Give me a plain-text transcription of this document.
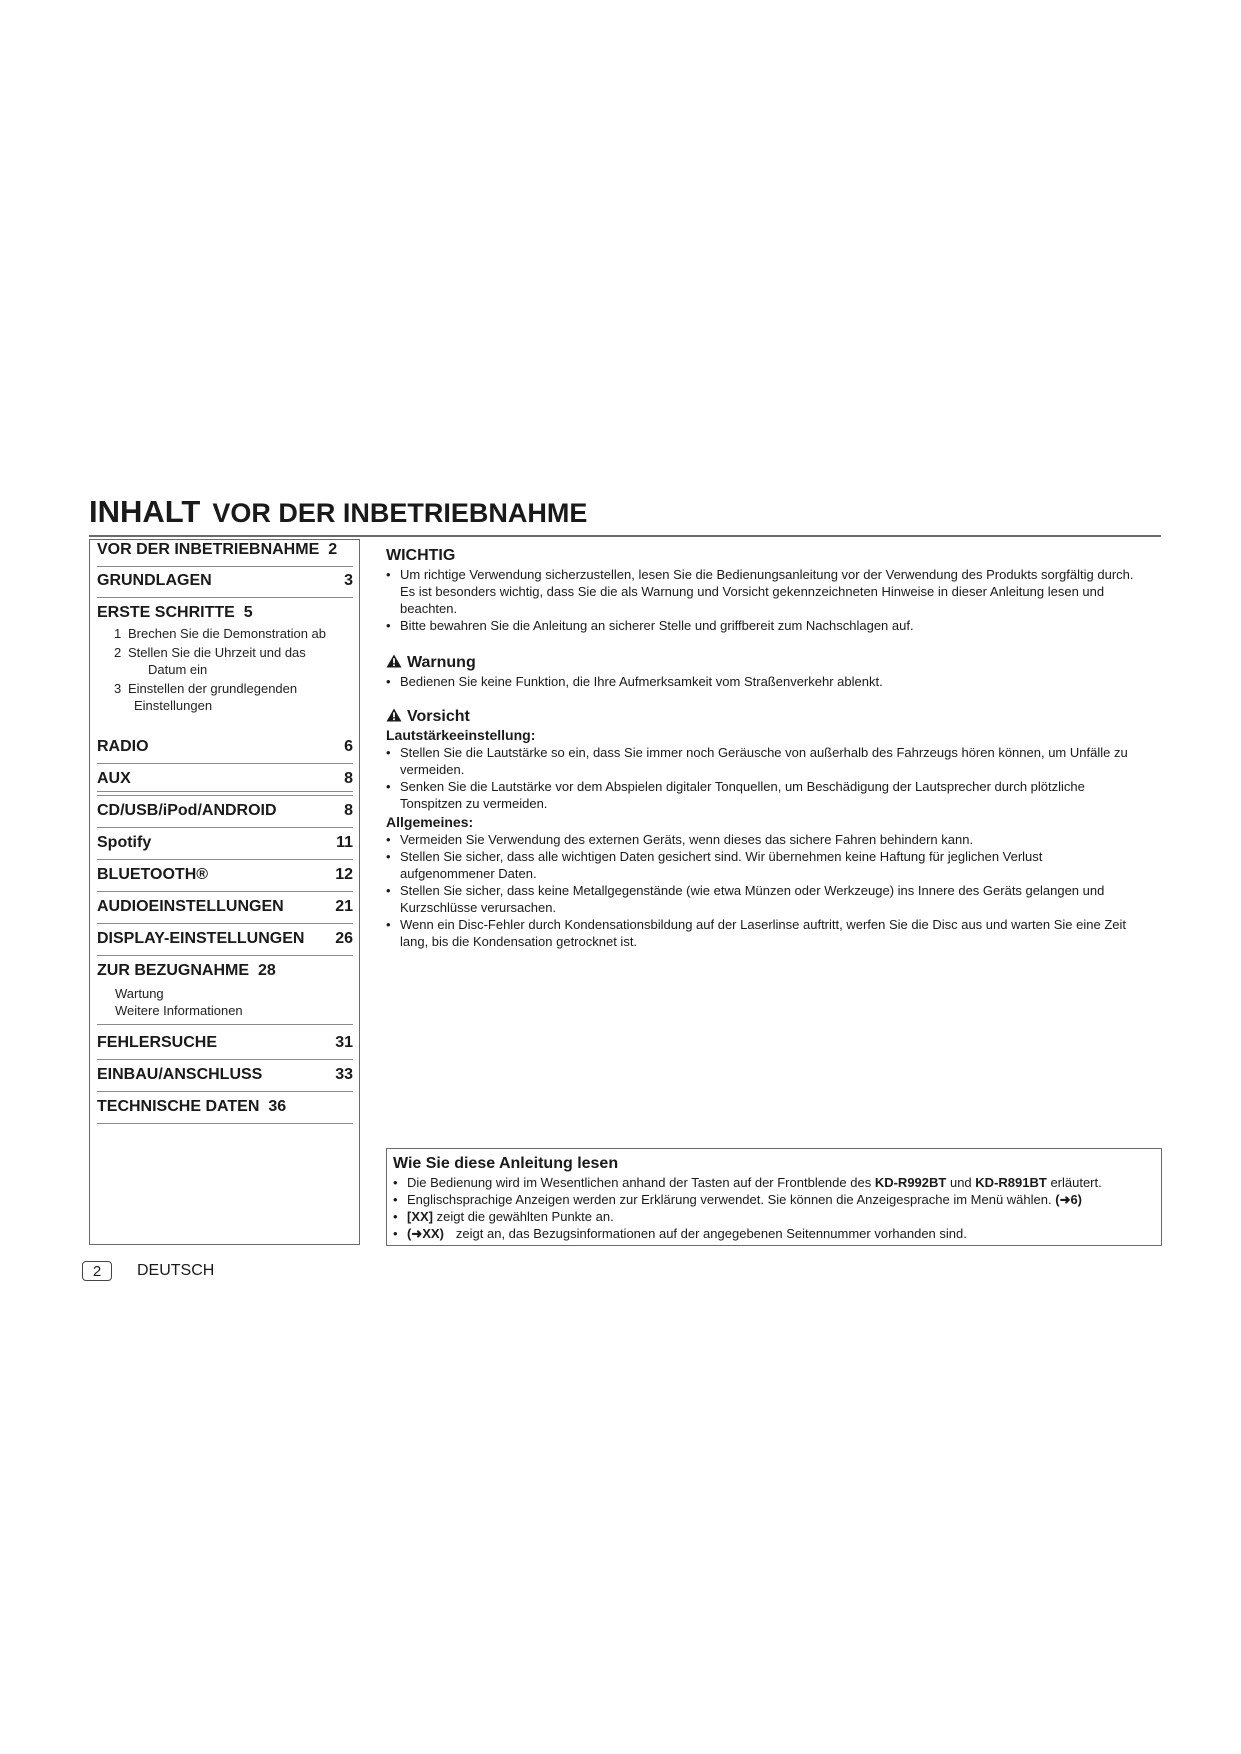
INHALT VOR DER INBETRIEBNAHME
VOR DER INBETRIEBNAHME 2
GRUNDLAGEN	3
ERSTE SCHRITTE 5
1 Brechen Sie die Demonstration ab
2 Stellen Sie die Uhrzeit und das
Datum ein
3 Einstellen der grundlegenden
Einstellungen
RADIO	6
AUX	8
CD/USB/iPod/ANDROID	8
Spotify	11
BLUETOOTH®	12
AUDIOEINSTELLUNGEN	21
DISPLAY-EINSTELLUNGEN 26
ZUR BEZUGNAHME 28
Wartung
Weitere Informationen
FEHLERSUCHE	31
EINBAU/ANSCHLUSS	33
TECHNISCHE DATEN 36
WICHTIG
• Um richtige Verwendung sicherzustellen, lesen Sie die Bedienungsanleitung vor der Verwendung des Produkts sorgfältig durch.
Es ist besonders wichtig, dass Sie die als Warnung und Vorsicht gekennzeichneten Hinweise in dieser Anleitung lesen und
beachten.
• Bitte bewahren Sie die Anleitung an sicherer Stelle und griffbereit zum Nachschlagen auf.
Warnung
• Bedienen Sie keine Funktion, die Ihre Aufmerksamkeit vom Straßenverkehr ablenkt.
Vorsicht
Lautstärkeeinstellung:
• Stellen Sie die Lautstärke so ein, dass Sie immer noch Geräusche von außerhalb des Fahrzeugs hören können, um Unfälle zu
vermeiden.
• Senken Sie die Lautstärke vor dem Abspielen digitaler Tonquellen, um Beschädigung der Lautsprecher durch plötzliche
Tonspitzen zu vermeiden.
Allgemeines:
• Vermeiden Sie Verwendung des externen Geräts, wenn dieses das sichere Fahren behindern kann.
• Stellen Sie sicher, dass alle wichtigen Daten gesichert sind. Wir übernehmen keine Haftung für jeglichen Verlust
aufgenommener Daten.
• Stellen Sie sicher, dass keine Metallgegenstände (wie etwa Münzen oder Werkzeuge) ins Innere des Geräts gelangen und
Kurzschlüsse verursachen.
• Wenn ein Disc-Fehler durch Kondensationsbildung auf der Laserlinse auftritt, werfen Sie die Disc aus und warten Sie eine Zeit
lang, bis die Kondensation getrocknet ist.
Wie Sie diese Anleitung lesen
• Die Bedienung wird im Wesentlichen anhand der Tasten auf der Frontblende des KD-R992BT und KD-R891BT erläutert.
• Englischsprachige Anzeigen werden zur Erklärung verwendet. Sie können die Anzeigesprache im Menü wählen. (➜6)
• [XX] zeigt die gewählten Punkte an.
• (➜XX) zeigt an, das Bezugsinformationen auf der angegebenen Seitennummer vorhanden sind.
2	DEUTSCH
